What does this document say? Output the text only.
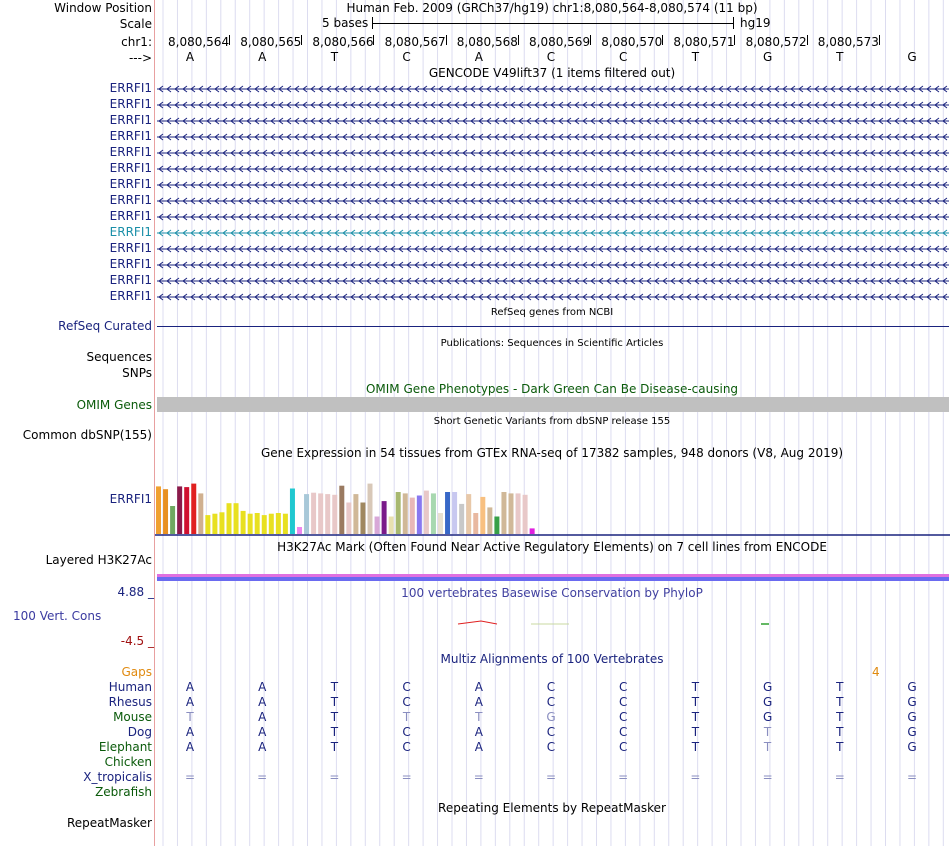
Window Position	Human Feb. 2009 (GRCh37/hg19) chr1:8,080,564-8,080,574 (11 bp)
Scale	5 bases	hg19
chr1: 8,080,564 8,080,565 8,080,566 8,080,567 8,080,568 8,080,569 8,080,570 8,080,571 8,080,572 8,080,573
--->	A	A	T	C	A	C	C	T	G	T	G
GENCODE V49lift37 (1 items filtered out)
ERRFI1
ERRFI1
ERRFI1
ERRFI1
ERRFI1
ERRFI1
ERRFI1
ERRFI1
ERRFI1
ERRFI1
ERRFI1
ERRFI1
ERRFI1
ERRFI1
RefSeq genes from NCBI
RefSeq Curated
Publications: Sequences in Scientific Articles
Sequences
SNPs
OMIM Gene Phenotypes - Dark Green Can Be Disease-causing
OMIM Genes
Short Genetic Variants from dbSNP release 155
Common dbSNP(155)
Gene Expression in 54 tissues from GTEx RNA-seq of 17382 samples, 948 donors (V8, Aug 2019)
ERRFI1
H3K27Ac Mark (Often Found Near Active Regulatory Elements) on 7 cell lines from ENCODE
Layered H3K27Ac
4.88 _	100 vertebrates Basewise Conservation by PhyloP
100 Vert. Cons
-4.5 _
Multiz Alignments of 100 Vertebrates
Gaps	4
Human	A	A	T	C	A	C	C	T	G	T	G
Rhesus	A	A	T	C	A	C	C	T	G	T	G
Mouse	T	A	T	T	T	G	C	T	G	T	G
Dog	A	A	T	C	A	C	C	T	T	T	G
Elephant	A	A	T	C	A	C	C	T	T	T	G
Chicken
X_tropicalis	=	=	=	=	=	=	=	=	=	=	=
Zebrafish
Repeating Elements by RepeatMasker
RepeatMasker
